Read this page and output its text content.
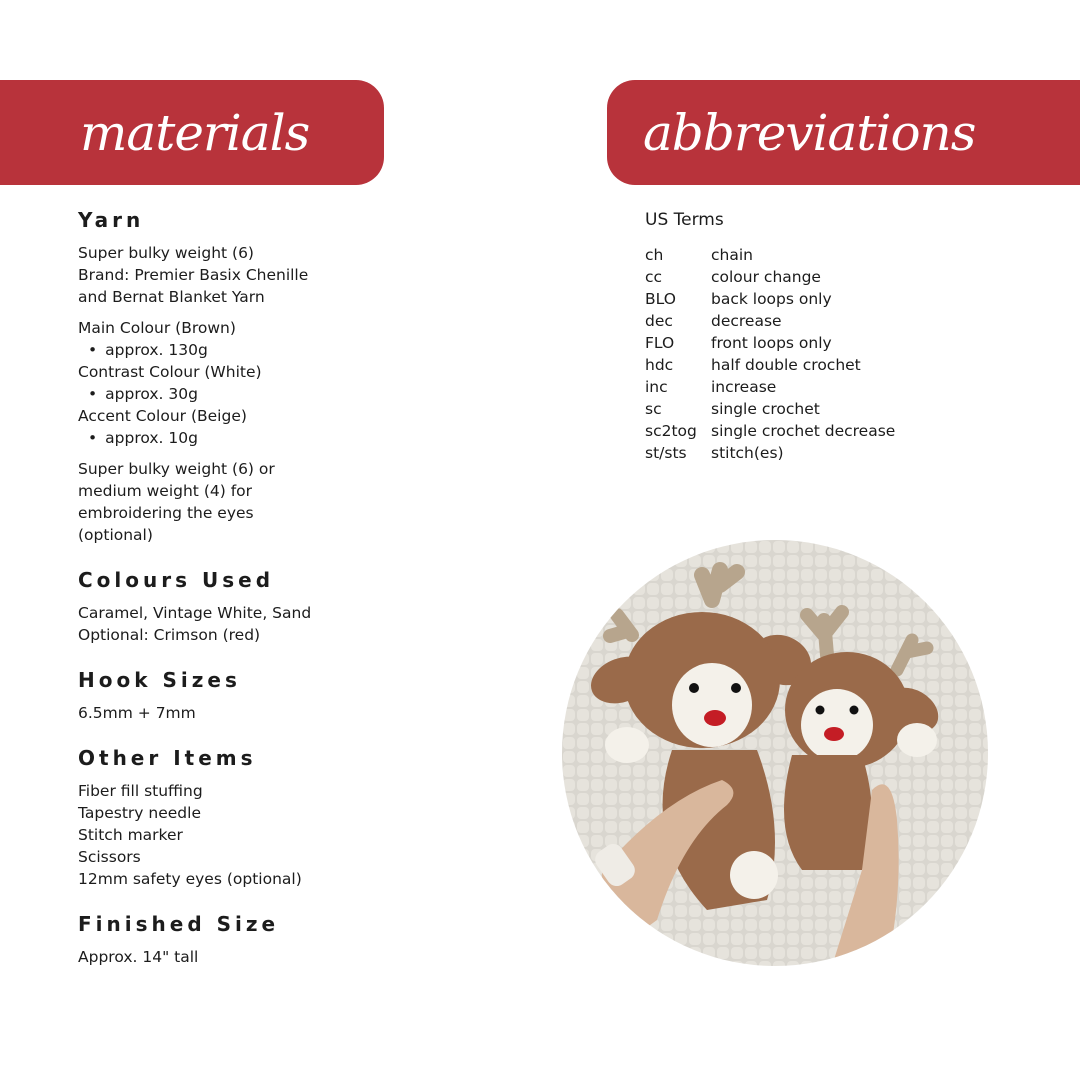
materials	abbreviations
Yarn
Super bulky weight (6)
Brand: Premier Basix Chenille
and Bernat Blanket Yarn
Main Colour (Brown)
• approx. 130g
Contrast Colour (White)
• approx. 30g
Accent Colour (Beige)
• approx. 10g
Super bulky weight (6) or
medium weight (4) for
embroidering the eyes
(optional)
Colours Used
Caramel, Vintage White, Sand
Optional: Crimson (red)
Hook Sizes
6.5mm + 7mm
Other Items
Fiber fill stuffing
Tapestry needle
Stitch marker
Scissors
12mm safety eyes (optional)
Finished Size
Approx. 14" tall
US Terms
ch	chain
cc	colour change
BLO	back loops only
dec	decrease
FLO	front loops only
hdc	half double crochet
inc	increase
sc	single crochet
sc2tog	single crochet decrease
st/sts	stitch(es)
